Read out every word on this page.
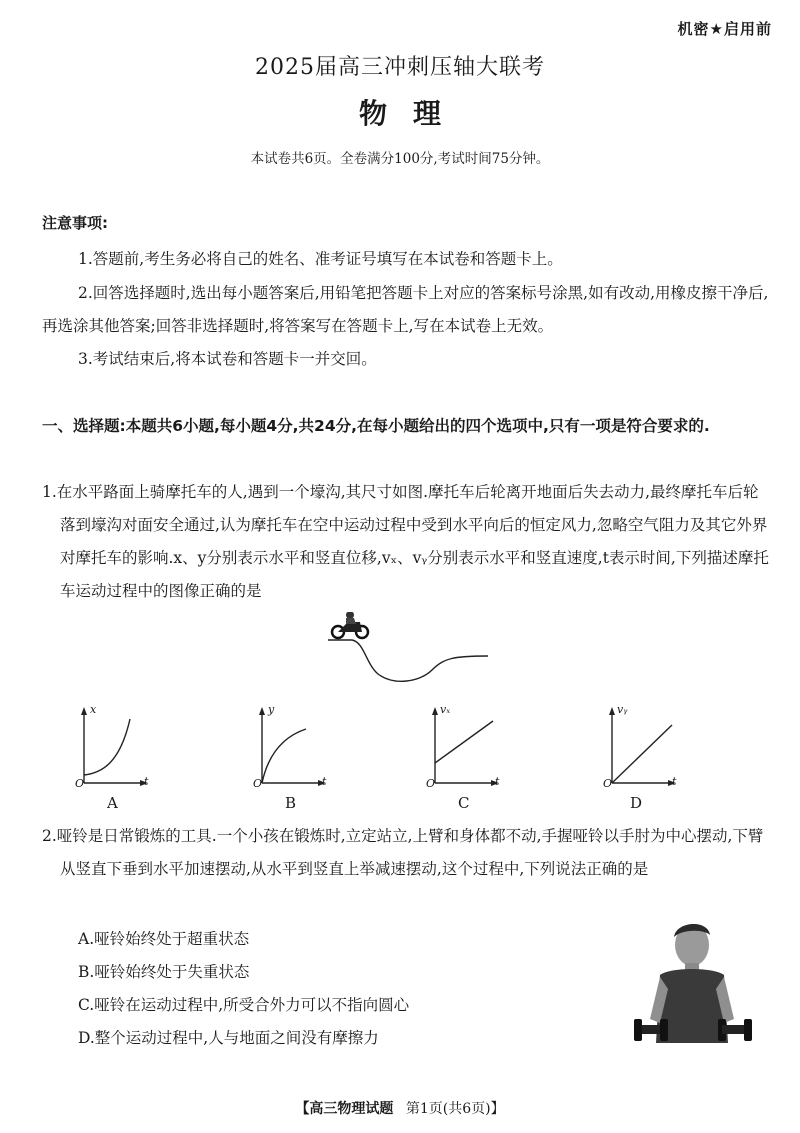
机密★启用前
2025届高三冲刺压轴大联考
物理
本试卷共6页。全卷满分100分,考试时间75分钟。
注意事项:
1.答题前,考生务必将自己的姓名、准考证号填写在本试卷和答题卡上。
2.回答选择题时,选出每小题答案后,用铅笔把答题卡上对应的答案标号涂黑,如有改动,用橡皮擦干净后,再选涂其他答案;回答非选择题时,将答案写在答题卡上,写在本试卷上无效。
3.考试结束后,将本试卷和答题卡一并交回。
一、选择题:本题共6小题,每小题4分,共24分,在每小题给出的四个选项中,只有一项是符合要求的.
1.在水平路面上骑摩托车的人,遇到一个壕沟,其尺寸如图.摩托车后轮离开地面后失去动力,最终摩托车后轮落到壕沟对面安全通过,认为摩托车在空中运动过程中受到水平向后的恒定风力,忽略空气阻力及其它外界对摩托车的影响.x、y分别表示水平和竖直位移,vₓ、vᵧ分别表示水平和竖直速度,t表示时间,下列描述摩托车运动过程中的图像正确的是
x
t
O
A
y
t
O
B
vₓ
t
O
C
vᵧ
t
O
D
2.哑铃是日常锻炼的工具.一个小孩在锻炼时,立定站立,上臂和身体都不动,手握哑铃以手肘为中心摆动,下臂从竖直下垂到水平加速摆动,从水平到竖直上举减速摆动,这个过程中,下列说法正确的是
A.哑铃始终处于超重状态
B.哑铃始终处于失重状态
C.哑铃在运动过程中,所受合外力可以不指向圆心
D.整个运动过程中,人与地面之间没有摩擦力
【高三物理试题 第1页(共6页)】
